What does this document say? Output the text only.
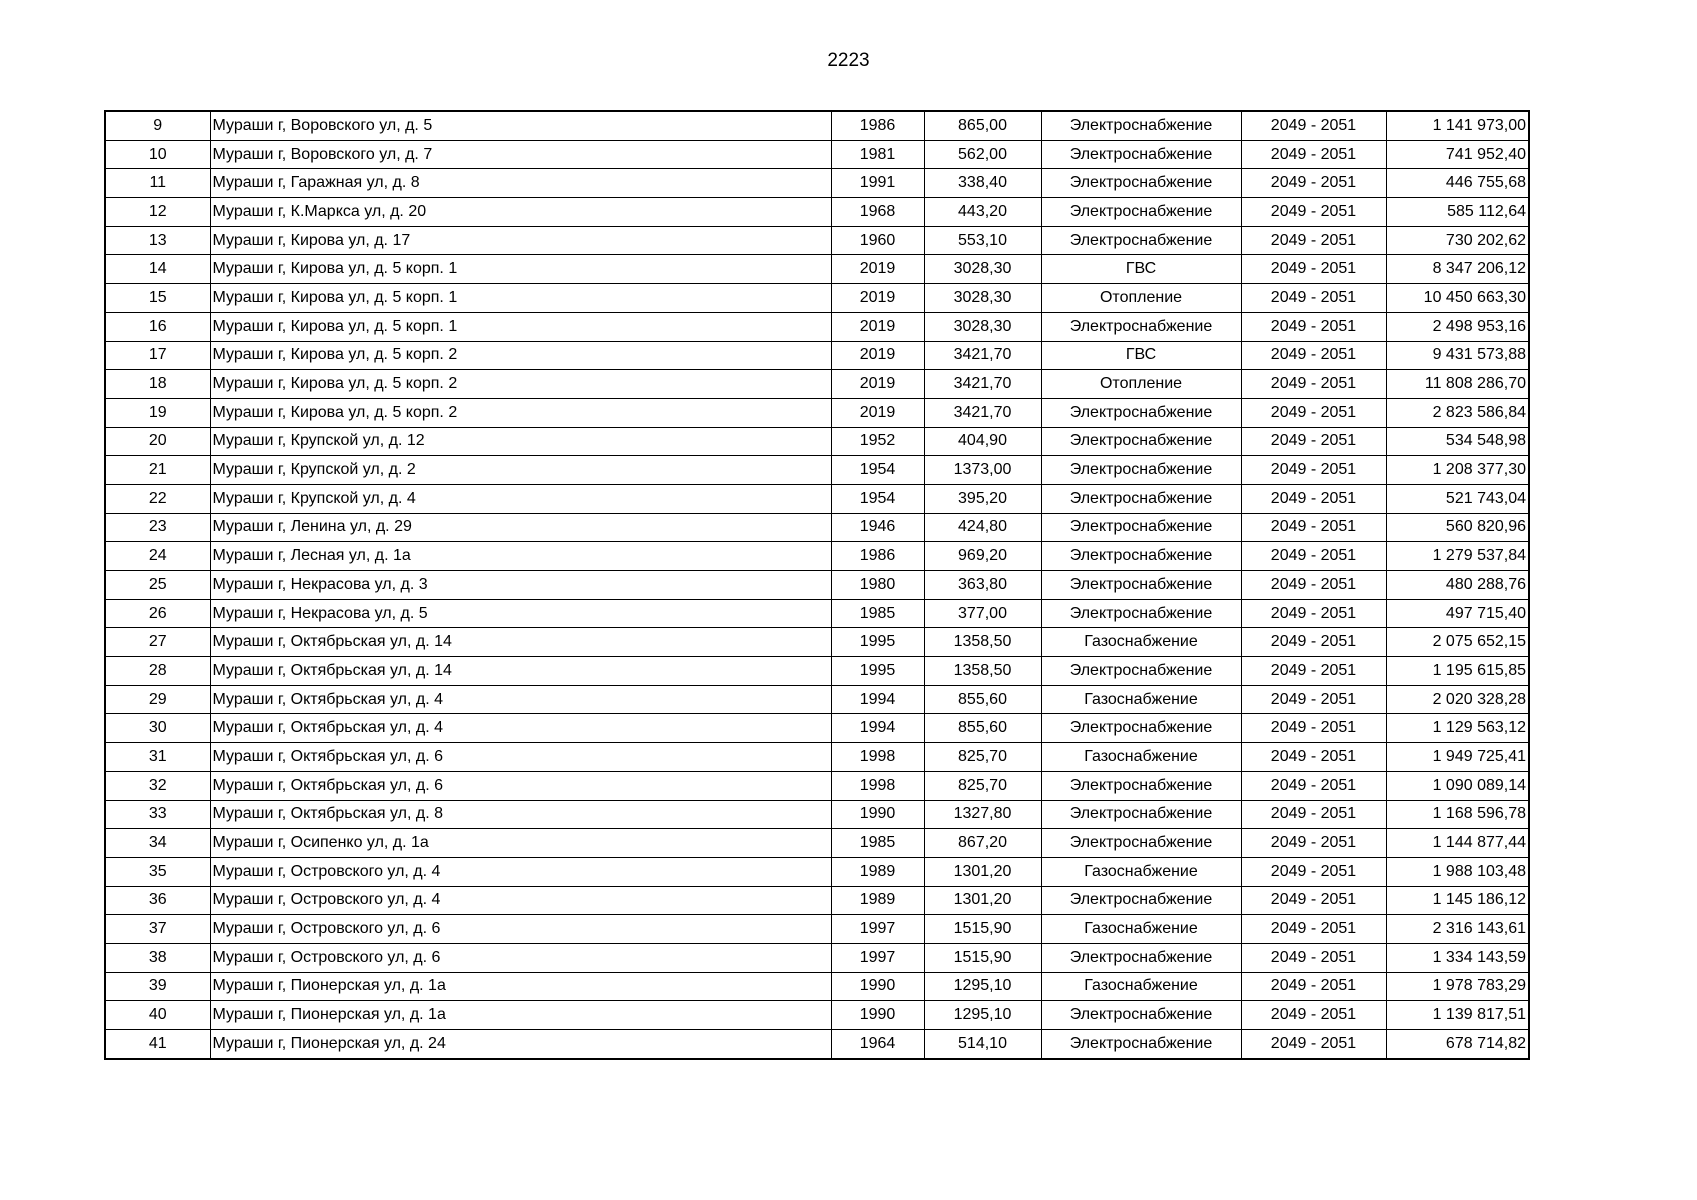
2223
9	Мураши г, Воровского ул, д. 5	1986	865,00	Электроснабжение	2049 - 2051	1 141 973,00
10	Мураши г, Воровского ул, д. 7	1981	562,00	Электроснабжение	2049 - 2051	741 952,40
11	Мураши г, Гаражная ул, д. 8	1991	338,40	Электроснабжение	2049 - 2051	446 755,68
12	Мураши г, К.Маркса ул, д. 20	1968	443,20	Электроснабжение	2049 - 2051	585 112,64
13	Мураши г, Кирова ул, д. 17	1960	553,10	Электроснабжение	2049 - 2051	730 202,62
14	Мураши г, Кирова ул, д. 5 корп. 1	2019	3028,30	ГВС	2049 - 2051	8 347 206,12
15	Мураши г, Кирова ул, д. 5 корп. 1	2019	3028,30	Отопление	2049 - 2051	10 450 663,30
16	Мураши г, Кирова ул, д. 5 корп. 1	2019	3028,30	Электроснабжение	2049 - 2051	2 498 953,16
17	Мураши г, Кирова ул, д. 5 корп. 2	2019	3421,70	ГВС	2049 - 2051	9 431 573,88
18	Мураши г, Кирова ул, д. 5 корп. 2	2019	3421,70	Отопление	2049 - 2051	11 808 286,70
19	Мураши г, Кирова ул, д. 5 корп. 2	2019	3421,70	Электроснабжение	2049 - 2051	2 823 586,84
20	Мураши г, Крупской ул, д. 12	1952	404,90	Электроснабжение	2049 - 2051	534 548,98
21	Мураши г, Крупской ул, д. 2	1954	1373,00	Электроснабжение	2049 - 2051	1 208 377,30
22	Мураши г, Крупской ул, д. 4	1954	395,20	Электроснабжение	2049 - 2051	521 743,04
23	Мураши г, Ленина ул, д. 29	1946	424,80	Электроснабжение	2049 - 2051	560 820,96
24	Мураши г, Лесная ул, д. 1а	1986	969,20	Электроснабжение	2049 - 2051	1 279 537,84
25	Мураши г, Некрасова ул, д. 3	1980	363,80	Электроснабжение	2049 - 2051	480 288,76
26	Мураши г, Некрасова ул, д. 5	1985	377,00	Электроснабжение	2049 - 2051	497 715,40
27	Мураши г, Октябрьская ул, д. 14	1995	1358,50	Газоснабжение	2049 - 2051	2 075 652,15
28	Мураши г, Октябрьская ул, д. 14	1995	1358,50	Электроснабжение	2049 - 2051	1 195 615,85
29	Мураши г, Октябрьская ул, д. 4	1994	855,60	Газоснабжение	2049 - 2051	2 020 328,28
30	Мураши г, Октябрьская ул, д. 4	1994	855,60	Электроснабжение	2049 - 2051	1 129 563,12
31	Мураши г, Октябрьская ул, д. 6	1998	825,70	Газоснабжение	2049 - 2051	1 949 725,41
32	Мураши г, Октябрьская ул, д. 6	1998	825,70	Электроснабжение	2049 - 2051	1 090 089,14
33	Мураши г, Октябрьская ул, д. 8	1990	1327,80	Электроснабжение	2049 - 2051	1 168 596,78
34	Мураши г, Осипенко ул, д. 1а	1985	867,20	Электроснабжение	2049 - 2051	1 144 877,44
35	Мураши г, Островского ул, д. 4	1989	1301,20	Газоснабжение	2049 - 2051	1 988 103,48
36	Мураши г, Островского ул, д. 4	1989	1301,20	Электроснабжение	2049 - 2051	1 145 186,12
37	Мураши г, Островского ул, д. 6	1997	1515,90	Газоснабжение	2049 - 2051	2 316 143,61
38	Мураши г, Островского ул, д. 6	1997	1515,90	Электроснабжение	2049 - 2051	1 334 143,59
39	Мураши г, Пионерская ул, д. 1а	1990	1295,10	Газоснабжение	2049 - 2051	1 978 783,29
40	Мураши г, Пионерская ул, д. 1а	1990	1295,10	Электроснабжение	2049 - 2051	1 139 817,51
41	Мураши г, Пионерская ул, д. 24	1964	514,10	Электроснабжение	2049 - 2051	678 714,82
